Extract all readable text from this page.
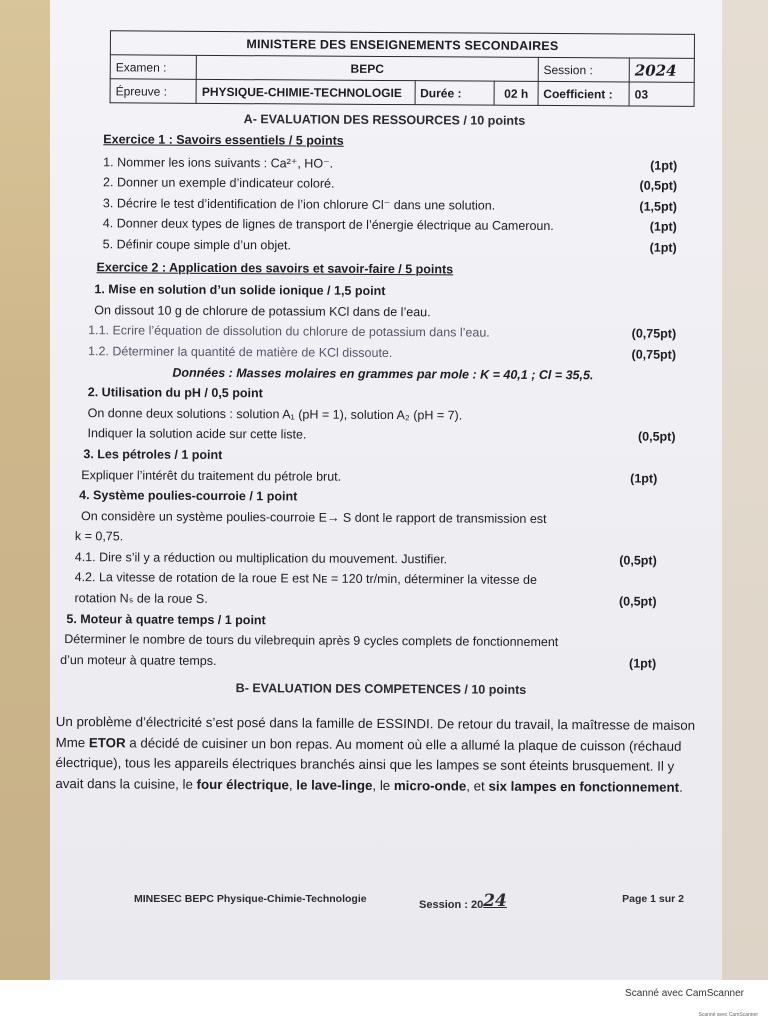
MINISTERE DES ENSEIGNEMENTS SECONDAIRES					
Examen :	BEPC			Session :	2024
Épreuve :	PHYSIQUE-CHIMIE-TECHNOLOGIE	Durée :	02 h	Coefficient :	03
A- EVALUATION DES RESSOURCES / 10 points
Exercice 1 : Savoirs essentiels / 5 points
1. Nommer les ions suivants : Ca²⁺, HO⁻.	(1pt)
2. Donner un exemple d’indicateur coloré.	(0,5pt)
3. Décrire le test d’identification de l’ion chlorure Cl⁻ dans une solution.	(1,5pt)
4. Donner deux types de lignes de transport de l’énergie électrique au Cameroun.	(1pt)
5. Définir coupe simple d’un objet.	(1pt)
Exercice 2 : Application des savoirs et savoir-faire / 5 points
1. Mise en solution d’un solide ionique / 1,5 point
On dissout 10 g de chlorure de potassium KCl dans de l’eau.
1.1. Ecrire l’équation de dissolution du chlorure de potassium dans l’eau.	(0,75pt)
1.2. Déterminer la quantité de matière de KCl dissoute.	(0,75pt)
Données : Masses molaires en grammes par mole : K = 40,1 ; Cl = 35,5.
2. Utilisation du pH / 0,5 point
On donne deux solutions : solution A₁ (pH = 1), solution A₂ (pH = 7).
Indiquer la solution acide sur cette liste.	(0,5pt)
3. Les pétroles / 1 point
Expliquer l’intérêt du traitement du pétrole brut.	(1pt)
4. Système poulies-courroie / 1 point
On considère un système poulies-courroie E→ S dont le rapport de transmission est
k = 0,75.
4.1. Dire s’il y a réduction ou multiplication du mouvement. Justifier.	(0,5pt)
4.2. La vitesse de rotation de la roue E est Nᴇ = 120 tr/min, déterminer la vitesse de
rotation Nₛ de la roue S.	(0,5pt)
5. Moteur à quatre temps / 1 point
Déterminer le nombre de tours du vilebrequin après 9 cycles complets de fonctionnement
d’un moteur à quatre temps.	(1pt)
B- EVALUATION DES COMPETENCES / 10 points

Un problème d’électricité s’est posé dans la famille de ESSINDI. De retour du travail, la maîtresse de maison Mme ETOR a décidé de cuisiner un bon repas. Au moment où elle a allumé la plaque de cuisson (réchaud électrique), tous les appareils électriques branchés ainsi que les lampes se sont éteints brusquement. Il y avait dans la cuisine, le four électrique, le lave-linge, le micro-onde, et six lampes en fonctionnement.

MINESEC BEPC Physique-Chimie-Technologie	Session : 2024	Page 1 sur 2
Scanné avec CamScanner
Scanné avec CamScanner
